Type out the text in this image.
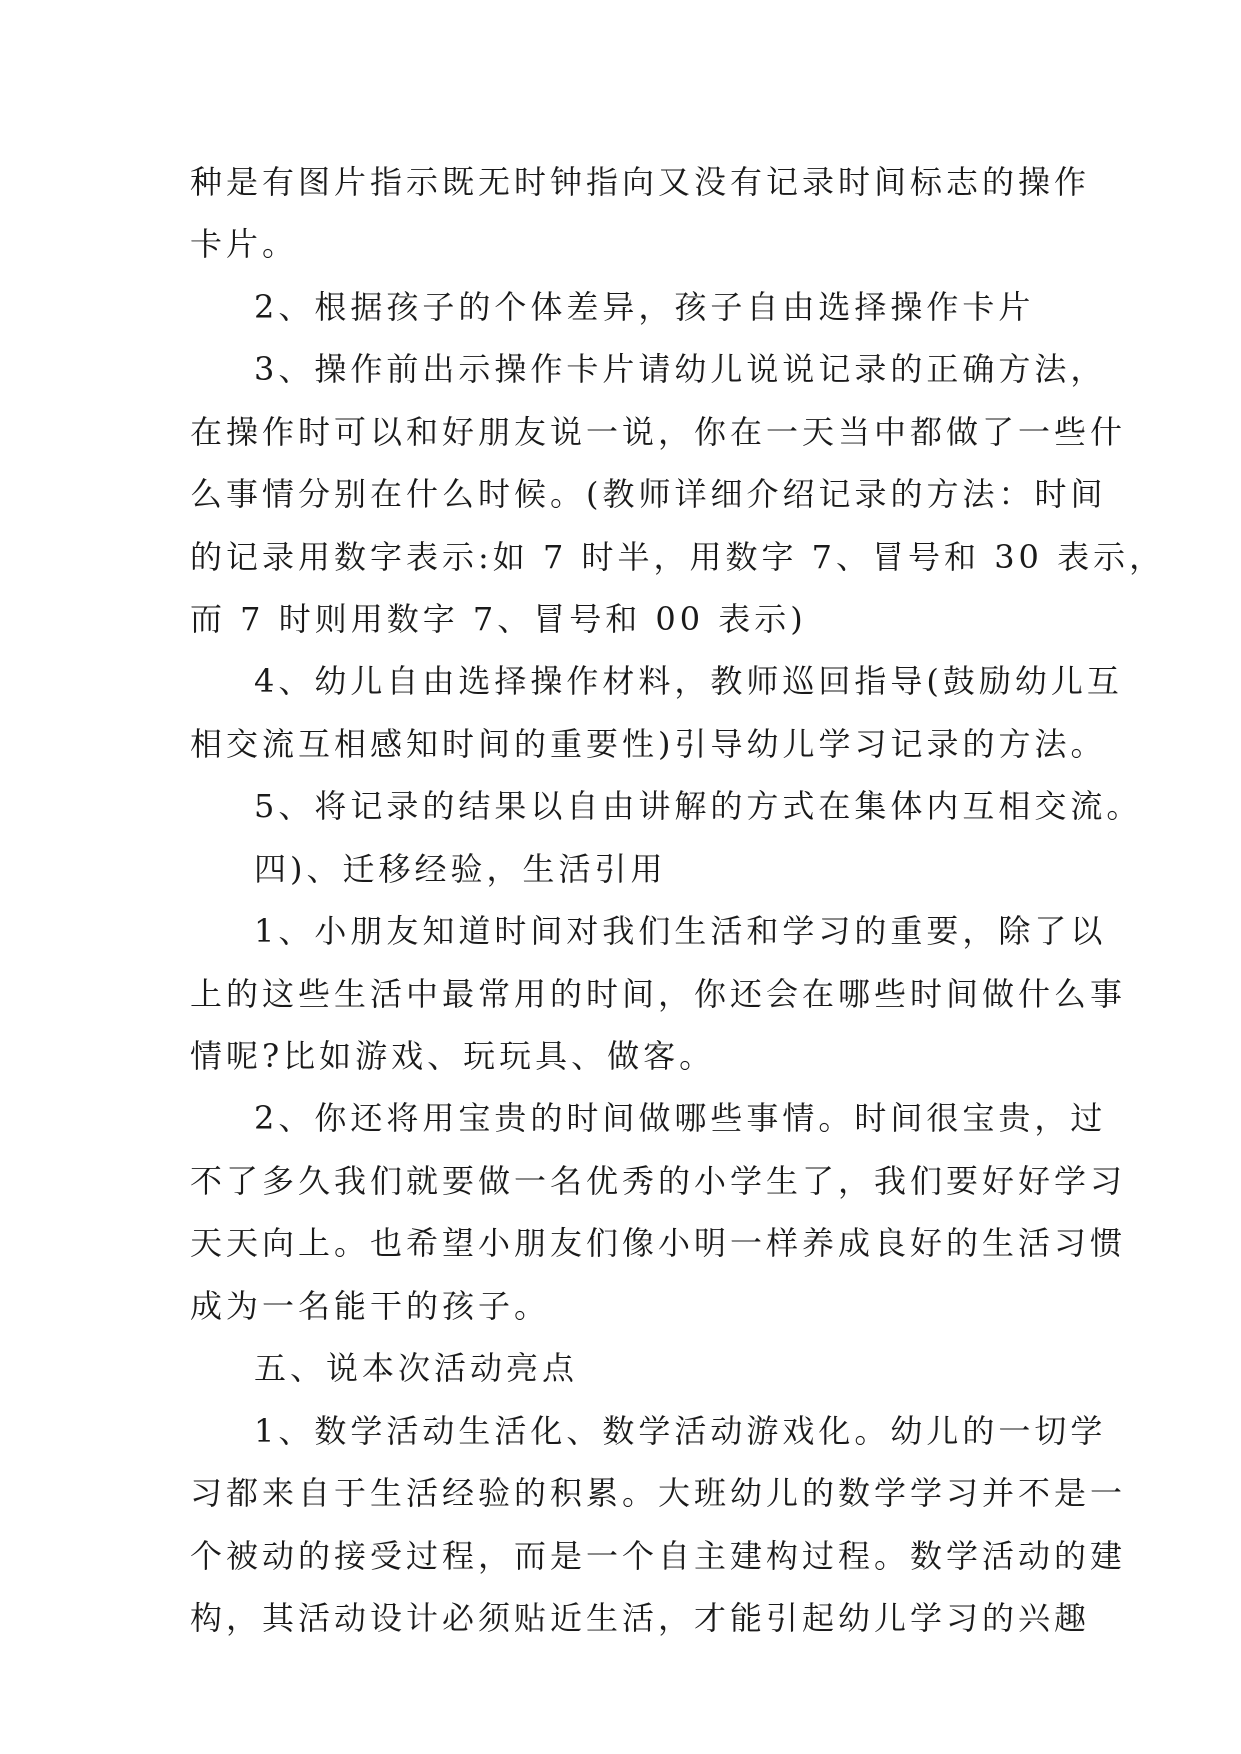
种是有图片指示既无时钟指向又没有记录时间标志的操作
卡片。
2、根据孩子的个体差异，孩子自由选择操作卡片
3、操作前出示操作卡片请幼儿说说记录的正确方法，
在操作时可以和好朋友说一说，你在一天当中都做了一些什
么事情分别在什么时候。(教师详细介绍记录的方法：时间
的记录用数字表示:如 7 时半，用数字 7、冒号和 30 表示，
而 7 时则用数字 7、冒号和 00 表示)
4、幼儿自由选择操作材料，教师巡回指导(鼓励幼儿互
相交流互相感知时间的重要性)引导幼儿学习记录的方法。
5、将记录的结果以自由讲解的方式在集体内互相交流。
四)、迁移经验，生活引用
1、小朋友知道时间对我们生活和学习的重要，除了以
上的这些生活中最常用的时间，你还会在哪些时间做什么事
情呢?比如游戏、玩玩具、做客。
2、你还将用宝贵的时间做哪些事情。时间很宝贵，过
不了多久我们就要做一名优秀的小学生了，我们要好好学习
天天向上。也希望小朋友们像小明一样养成良好的生活习惯
成为一名能干的孩子。
五、说本次活动亮点
1、数学活动生活化、数学活动游戏化。幼儿的一切学
习都来自于生活经验的积累。大班幼儿的数学学习并不是一
个被动的接受过程，而是一个自主建构过程。数学活动的建
构，其活动设计必须贴近生活，才能引起幼儿学习的兴趣
